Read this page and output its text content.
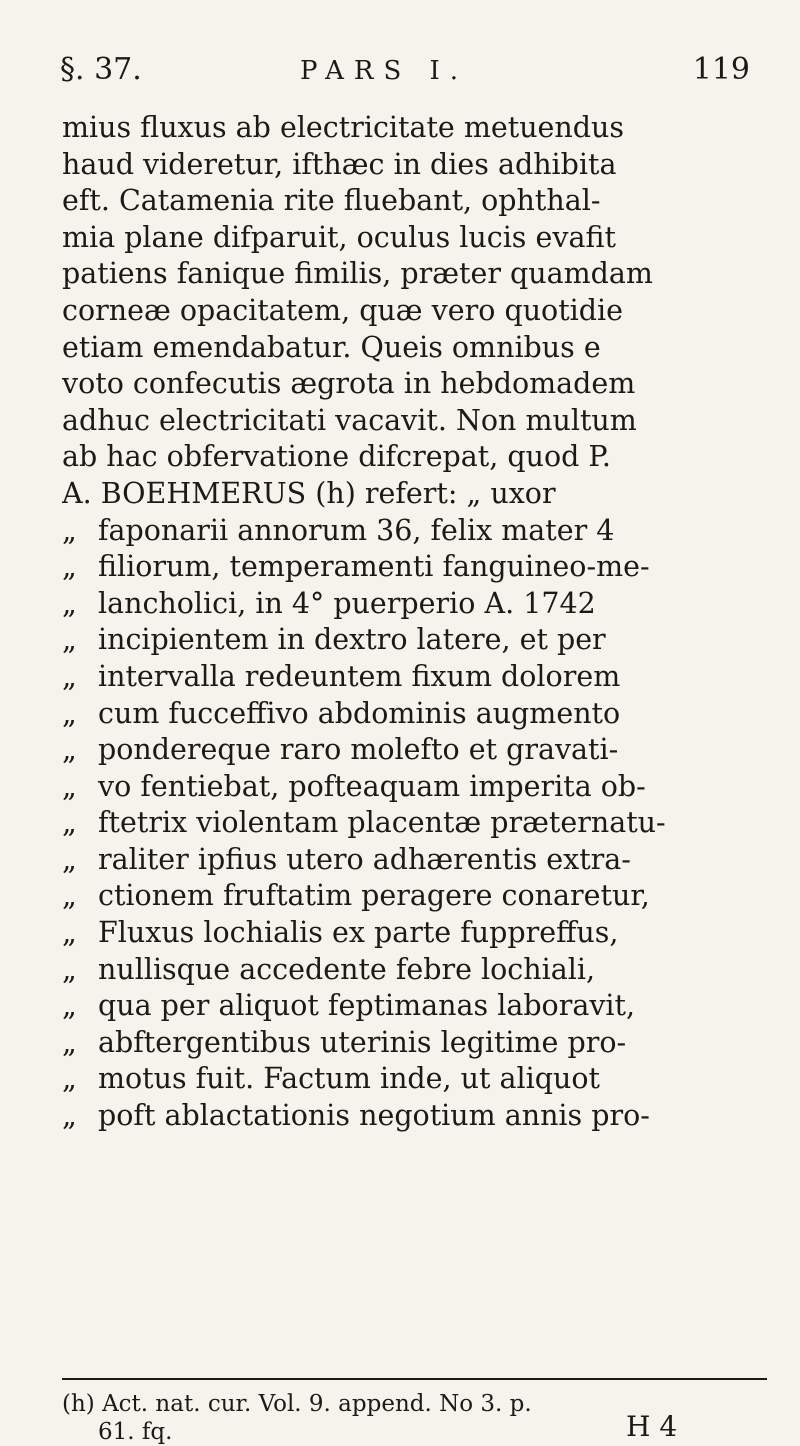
§. 37.	PARS I.	119
mius fluxus ab electricitate metuendus
haud videretur, ifthæc in dies adhibita
eft. Catamenia rite fluebant, ophthal-
mia plane difparuit, oculus lucis evafit
patiens fanique fimilis, præter quamdam
corneæ opacitatem, quæ vero quotidie
etiam emendabatur. Queis omnibus e
voto confecutis ægrota in hebdomadem
adhuc electricitati vacavit. Non multum
ab hac obfervatione difcrepat, quod P.
A. BOEHMERUS (h) refert: „ uxor
„ faponarii annorum 36, felix mater 4
„ filiorum, temperamenti fanguineo-me-
„ lancholici, in 4° puerperio A. 1742
„ incipientem in dextro latere, et per
„ intervalla redeuntem fixum dolorem
„ cum fucceffivo abdominis augmento
„ pondereque raro molefto et gravati-
„ vo fentiebat, pofteaquam imperita ob-
„ ftetrix violentam placentæ præternatu-
„ raliter ipfius utero adhærentis extra-
„ ctionem fruftatim peragere conaretur,
„ Fluxus lochialis ex parte fuppreffus,
„ nullisque accedente febre lochiali,
„ qua per aliquot feptimanas laboravit,
„ abftergentibus uterinis legitime pro-
„ motus fuit. Factum inde, ut aliquot
„ poft ablactationis negotium annis pro-
(h) Act. nat. cur. Vol. 9. append. No 3. p.
61. fq.	H 4
